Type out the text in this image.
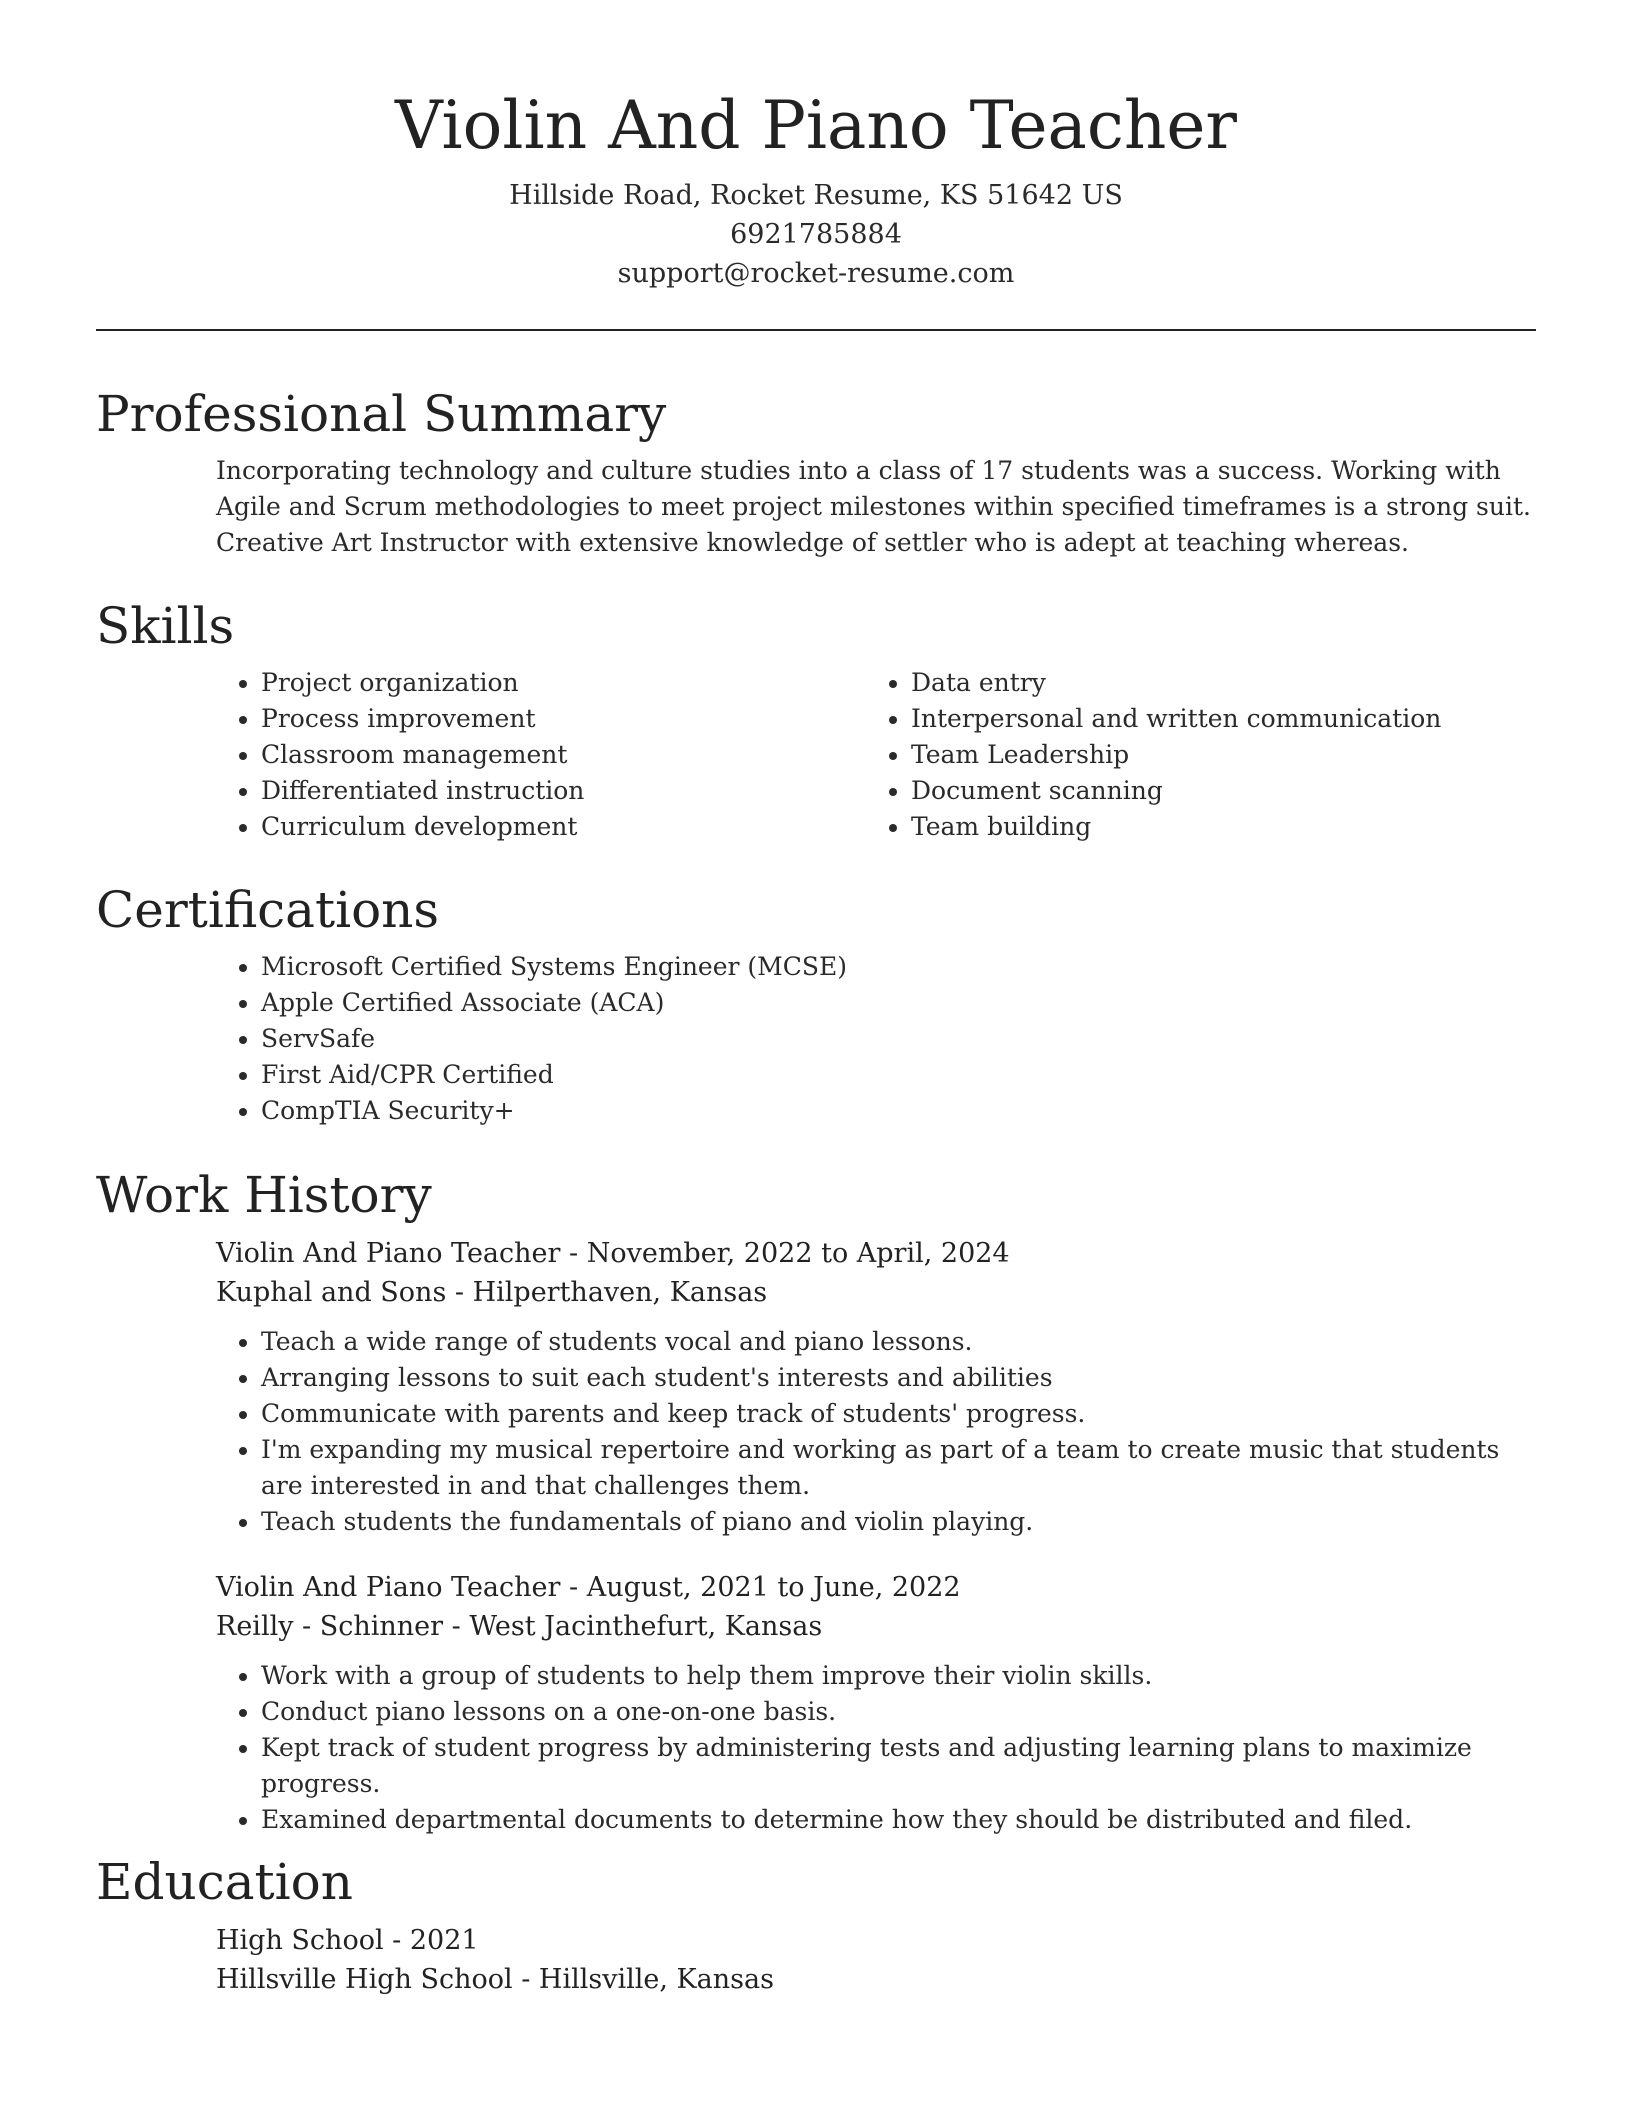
Violin And Piano Teacher
Hillside Road, Rocket Resume, KS 51642 US
6921785884
support@rocket-resume.com
Professional Summary

Incorporating technology and culture studies into a class of 17 students was a success. Working with Agile and Scrum methodologies to meet project milestones within specified timeframes is a strong suit. Creative Art Instructor with extensive knowledge of settler who is adept at teaching whereas.

Skills
• Project organization
• Process improvement
• Classroom management
• Differentiated instruction
• Curriculum development
• Data entry
• Interpersonal and written communication
• Team Leadership
• Document scanning
• Team building
Certifications
• Microsoft Certified Systems Engineer (MCSE)
• Apple Certified Associate (ACA)
• ServSafe
• First Aid/CPR Certified
• CompTIA Security+
Work History
Violin And Piano Teacher - November, 2022 to April, 2024
Kuphal and Sons - Hilperthaven, Kansas
• Teach a wide range of students vocal and piano lessons.
• Arranging lessons to suit each student's interests and abilities
• Communicate with parents and keep track of students' progress.
• I'm expanding my musical repertoire and working as part of a team to create music that students are interested in and that challenges them.
• Teach students the fundamentals of piano and violin playing.
Violin And Piano Teacher - August, 2021 to June, 2022
Reilly - Schinner - West Jacinthefurt, Kansas
• Work with a group of students to help them improve their violin skills.
• Conduct piano lessons on a one-on-one basis.
• Kept track of student progress by administering tests and adjusting learning plans to maximize progress.
• Examined departmental documents to determine how they should be distributed and filed.
Education
High School - 2021
Hillsville High School - Hillsville, Kansas
